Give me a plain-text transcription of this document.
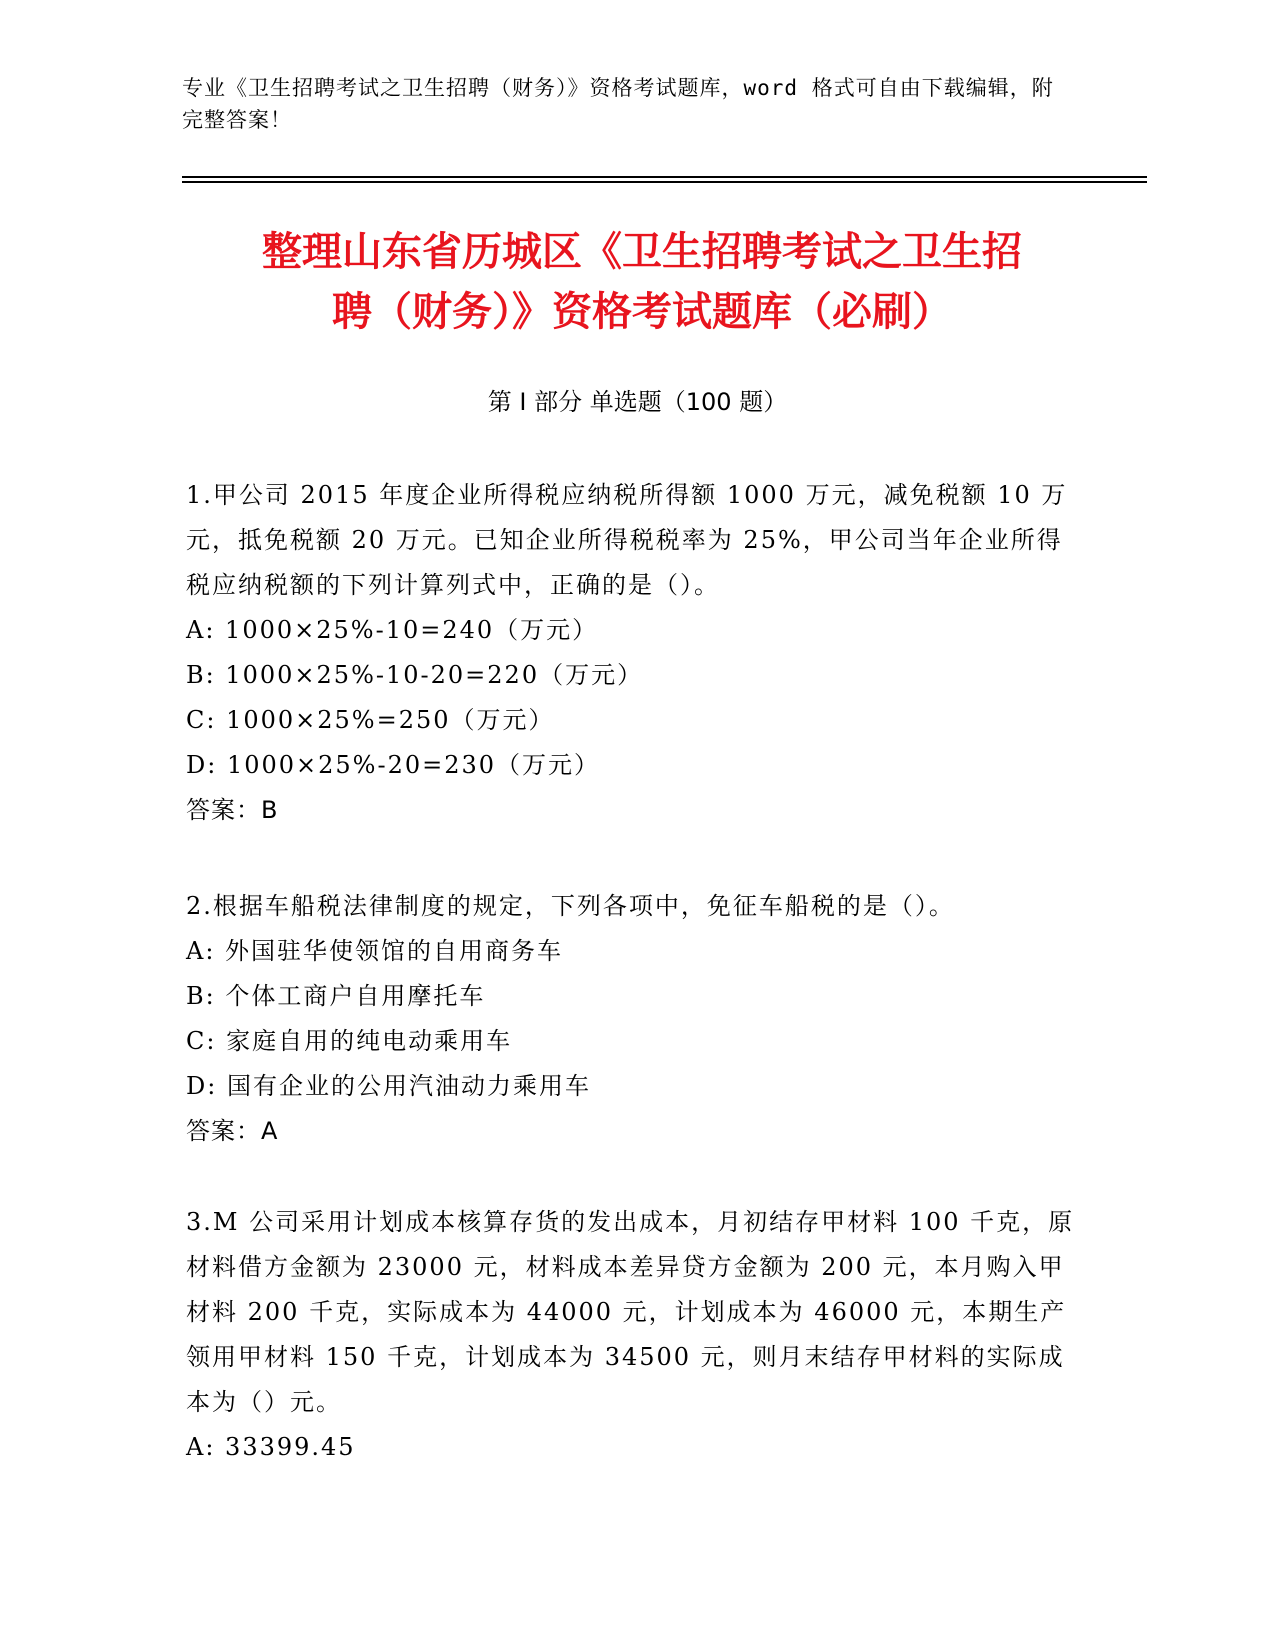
专业《卫生招聘考试之卫生招聘（财务）》资格考试题库，word 格式可自由下载编辑，附完整答案！
整理山东省历城区《卫生招聘考试之卫生招
聘（财务）》资格考试题库（必刷）
第 I 部分 单选题（100 题）
1.甲公司 2015 年度企业所得税应纳税所得额 1000 万元，减免税额 10 万元，抵免税额 20 万元。已知企业所得税税率为 25%，甲公司当年企业所得税应纳税额的下列计算列式中，正确的是（）。
A: 1000×25%-10=240（万元）
B: 1000×25%-10-20=220（万元）
C: 1000×25%=250（万元）
D: 1000×25%-20=230（万元）
答案：B
2.根据车船税法律制度的规定，下列各项中，免征车船税的是（）。
A: 外国驻华使领馆的自用商务车
B: 个体工商户自用摩托车
C: 家庭自用的纯电动乘用车
D: 国有企业的公用汽油动力乘用车
答案：A
3.M 公司采用计划成本核算存货的发出成本，月初结存甲材料 100 千克，原材料借方金额为 23000 元，材料成本差异贷方金额为 200 元，本月购入甲材料 200 千克，实际成本为 44000 元，计划成本为 46000 元，本期生产领用甲材料 150 千克，计划成本为 34500 元，则月末结存甲材料的实际成本为（）元。
A: 33399.45
